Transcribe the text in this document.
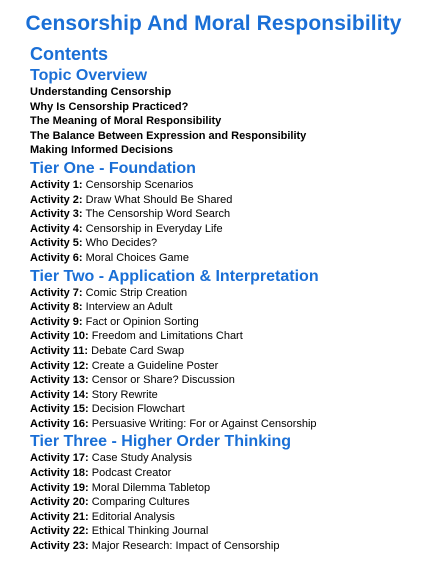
Censorship And Moral Responsibility
Contents
Topic Overview
Understanding Censorship
Why Is Censorship Practiced?
The Meaning of Moral Responsibility
The Balance Between Expression and Responsibility
Making Informed Decisions
Tier One - Foundation
Activity 1: Censorship Scenarios
Activity 2: Draw What Should Be Shared
Activity 3: The Censorship Word Search
Activity 4: Censorship in Everyday Life
Activity 5: Who Decides?
Activity 6: Moral Choices Game
Tier Two - Application & Interpretation
Activity 7: Comic Strip Creation
Activity 8: Interview an Adult
Activity 9: Fact or Opinion Sorting
Activity 10: Freedom and Limitations Chart
Activity 11: Debate Card Swap
Activity 12: Create a Guideline Poster
Activity 13: Censor or Share? Discussion
Activity 14: Story Rewrite
Activity 15: Decision Flowchart
Activity 16: Persuasive Writing: For or Against Censorship
Tier Three - Higher Order Thinking
Activity 17: Case Study Analysis
Activity 18: Podcast Creator
Activity 19: Moral Dilemma Tabletop
Activity 20: Comparing Cultures
Activity 21: Editorial Analysis
Activity 22: Ethical Thinking Journal
Activity 23: Major Research: Impact of Censorship
